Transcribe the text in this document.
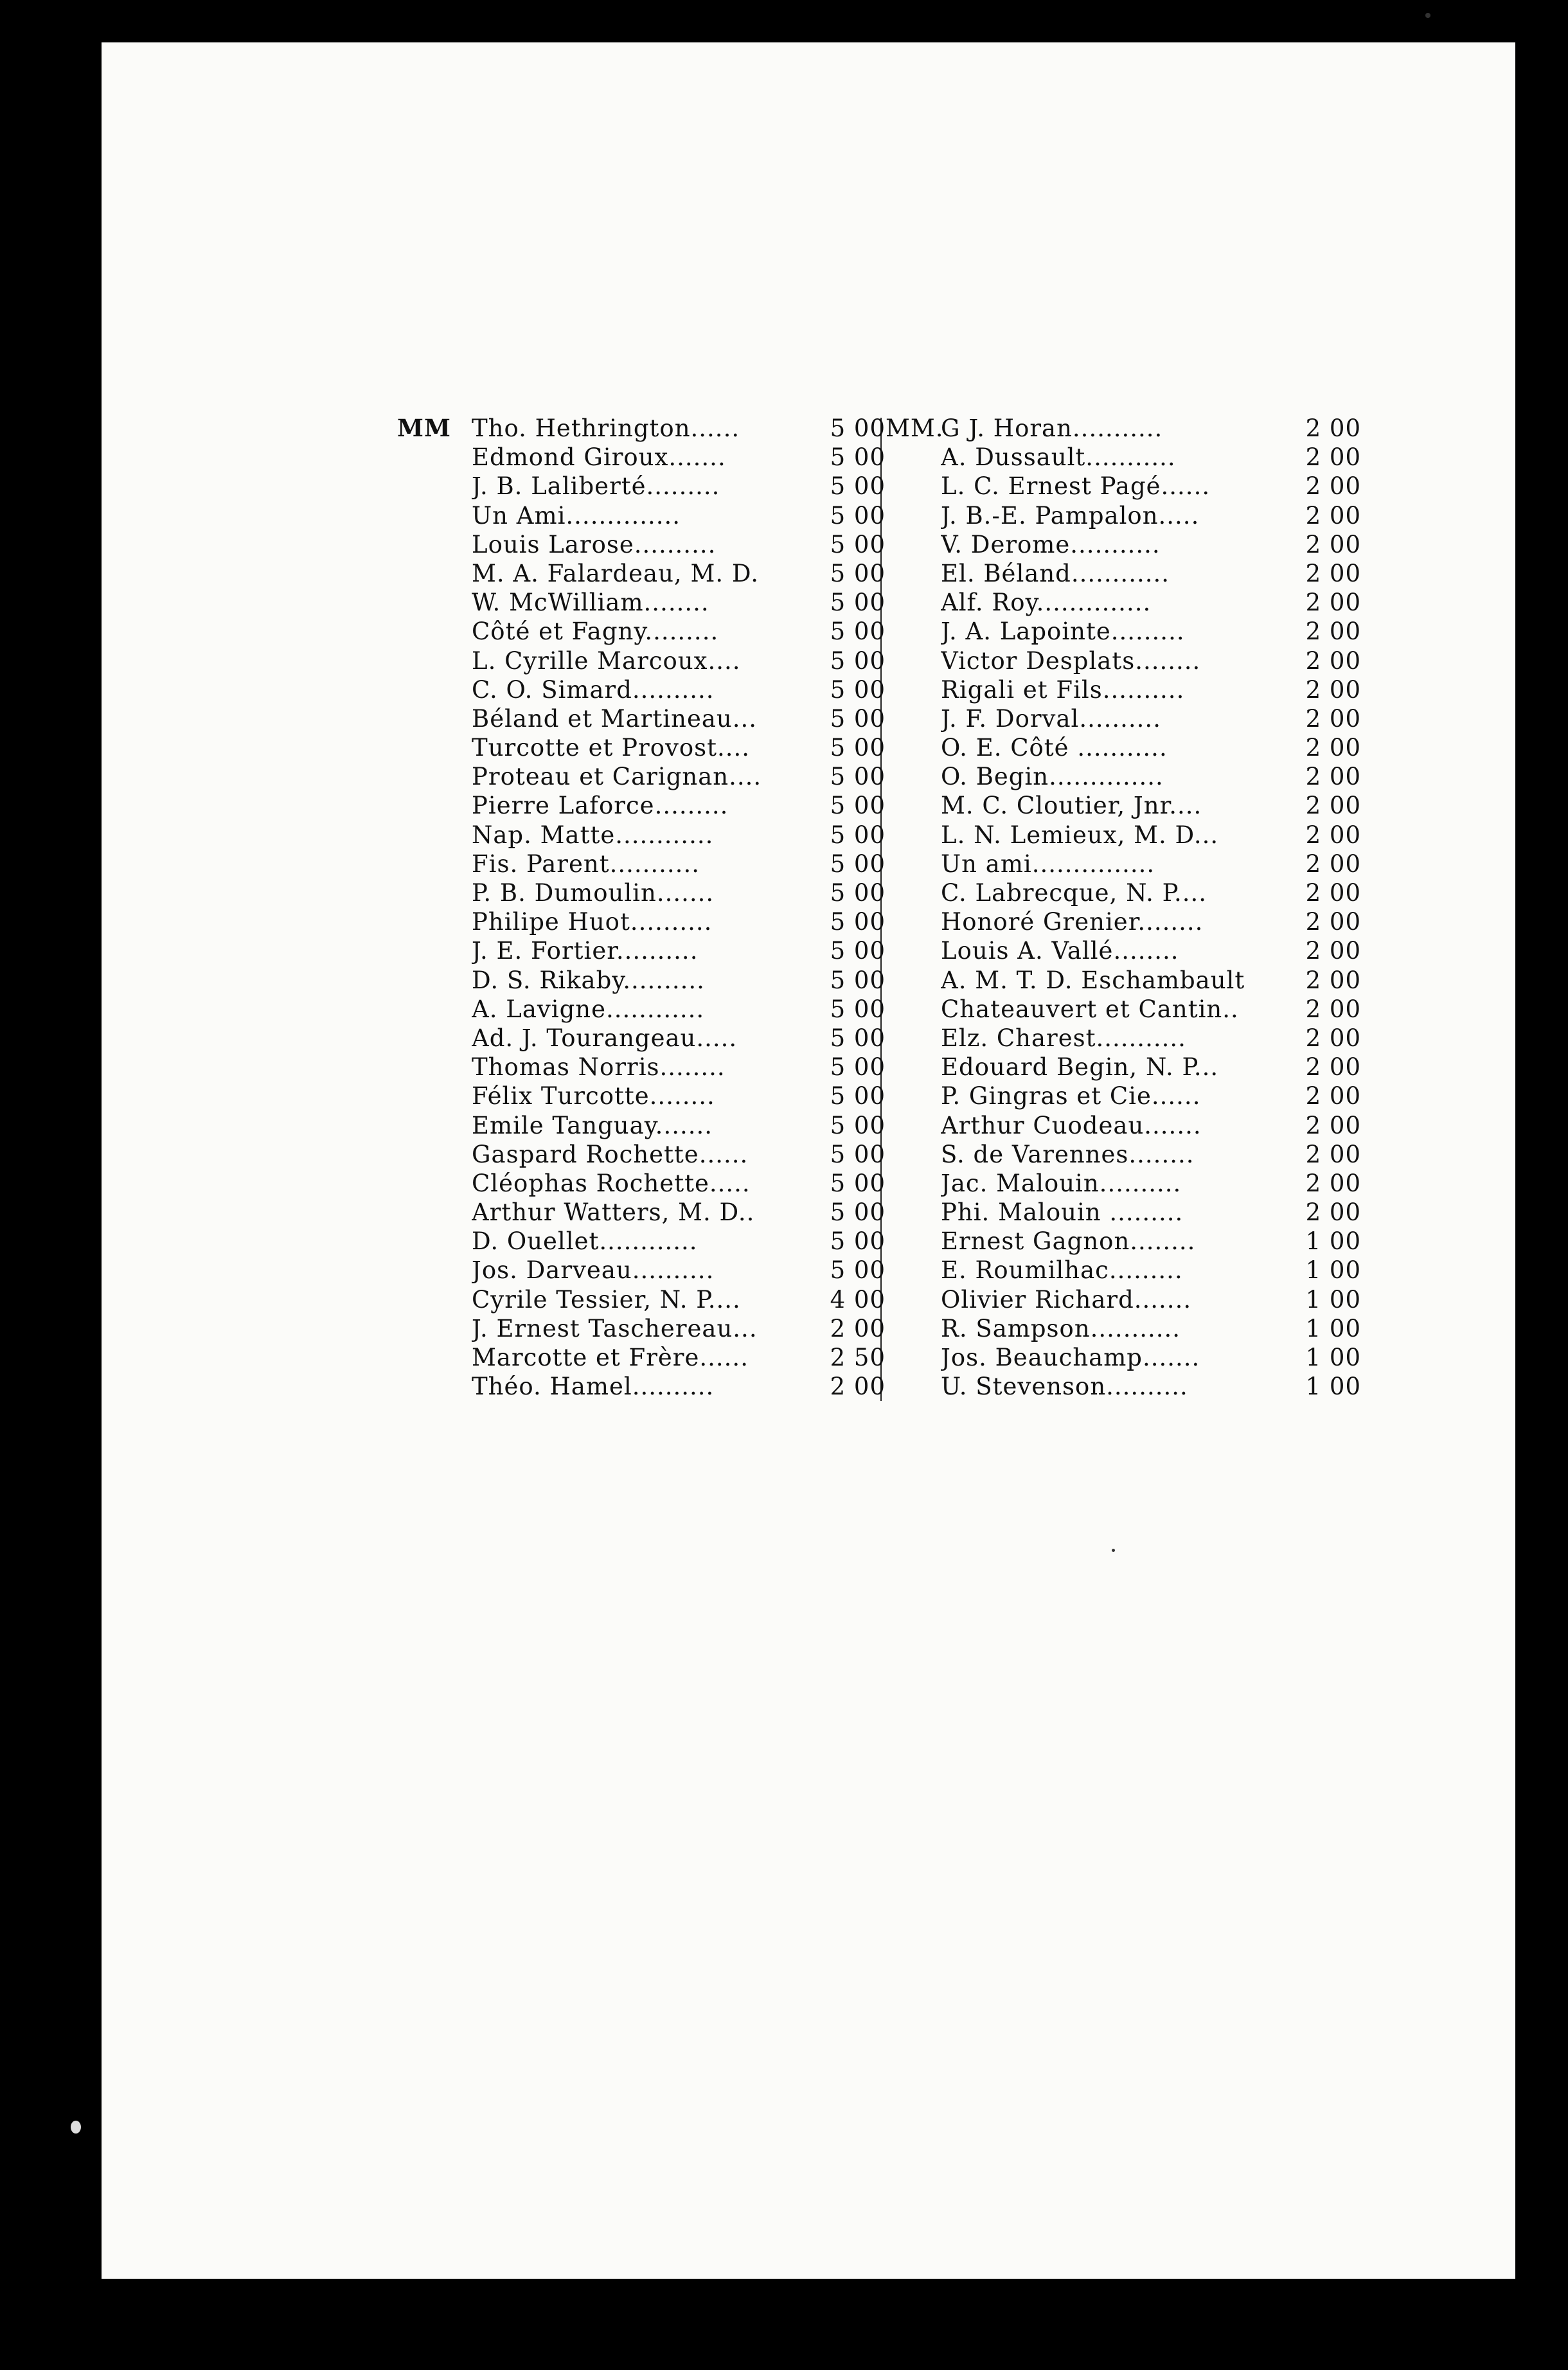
MM	MM.
Tho. Hethrington......	5 00 G J. Horan...........	2 00
Edmond Giroux.......	5 00 A. Dussault...........	2 00
J. B. Laliberté.........	5 00 L. C. Ernest Pagé......	2 00
Un Ami..............	5 00 J. B.-E. Pampalon.....	2 00
Louis Larose..........	5 00 V. Derome...........	2 00
M. A. Falardeau, M. D.	5 00 El. Béland............	2 00
W. McWilliam........	5 00 Alf. Roy..............	2 00
Côté et Fagny.........	5 00 J. A. Lapointe.........	2 00
L. Cyrille Marcoux....	5 00 Victor Desplats........	2 00
C. O. Simard..........	5 00 Rigali et Fils..........	2 00
Béland et Martineau...	5 00 J. F. Dorval..........	2 00
Turcotte et Provost....	5 00 O. E. Côté ...........	2 00
Proteau et Carignan....	5 00 O. Begin..............	2 00
Pierre Laforce.........	5 00 M. C. Cloutier, Jnr....	2 00
Nap. Matte............	5 00 L. N. Lemieux, M. D...	2 00
Fis. Parent...........	5 00 Un ami...............	2 00
P. B. Dumoulin.......	5 00 C. Labrecque, N. P....	2 00
Philipe Huot..........	5 00 Honoré Grenier........	2 00
J. E. Fortier..........	5 00 Louis A. Vallé........	2 00
D. S. Rikaby..........	5 00 A. M. T. D. Eschambault	2 00
A. Lavigne............	5 00 Chateauvert et Cantin..	2 00
Ad. J. Tourangeau.....	5 00 Elz. Charest...........	2 00
Thomas Norris........	5 00 Edouard Begin, N. P...	2 00
Félix Turcotte........	5 00 P. Gingras et Cie......	2 00
Emile Tanguay.......	5 00 Arthur Cuodeau.......	2 00
Gaspard Rochette......	5 00 S. de Varennes........	2 00
Cléophas Rochette.....	5 00 Jac. Malouin..........	2 00
Arthur Watters, M. D..	5 00 Phi. Malouin .........	2 00
D. Ouellet............	5 00 Ernest Gagnon........	1 00
Jos. Darveau..........	5 00 E. Roumilhac.........	1 00
Cyrile Tessier, N. P....	4 00 Olivier Richard.......	1 00
J. Ernest Taschereau...	2 00 R. Sampson...........	1 00
Marcotte et Frère......	2 50 Jos. Beauchamp.......	1 00
Théo. Hamel..........	2 00 U. Stevenson..........	1 00
